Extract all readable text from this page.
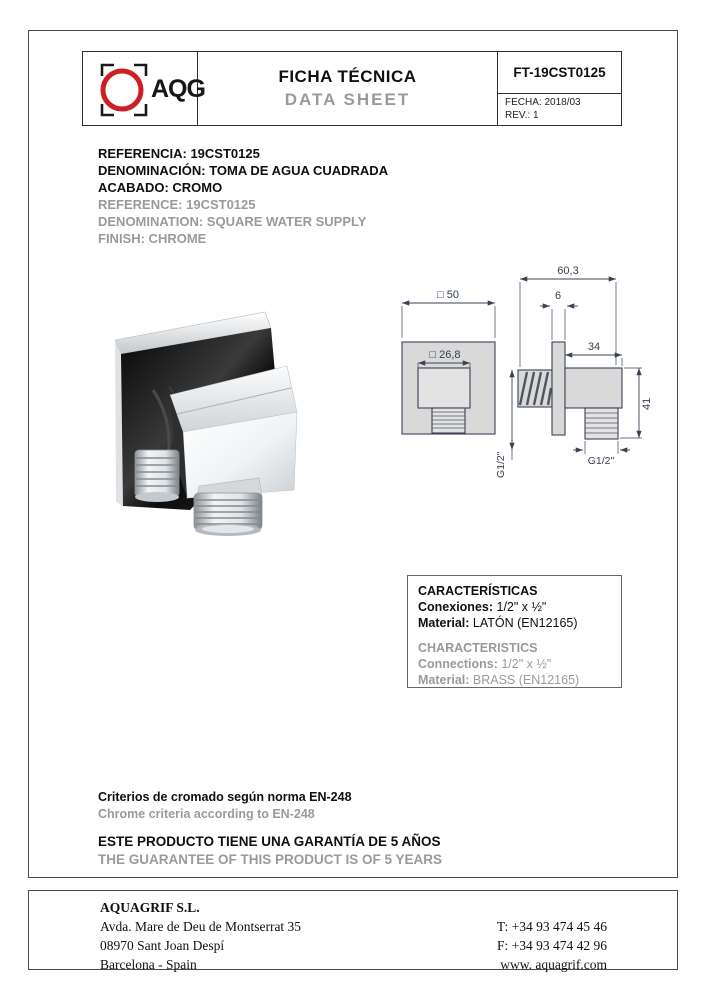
AQG	FICHA TÉCNICA
DATA SHEET
FT-19CST0125
FECHA: 2018/03
REV.: 1
REFERENCIA: 19CST0125
DENOMINACIÓN: TOMA DE AGUA CUADRADA
ACABADO: CROMO
REFERENCE: 19CST0125
DENOMINATION: SQUARE WATER SUPPLY
FINISH: CHROME
□ 50
□ 26,8
G1/2"
60,3
6
34
41
G1/2"
CARACTERÍSTICAS
Conexiones: 1/2" x ½"
Material: LATÓN (EN12165)
CHARACTERISTICS
Connections: 1/2" x ½"
Material: BRASS (EN12165)
Criterios de cromado según norma EN-248
Chrome criteria according to EN-248
ESTE PRODUCTO TIENE UNA GARANTÍA DE 5 AÑOS
THE GUARANTEE OF THIS PRODUCT IS OF 5 YEARS
AQUAGRIF S.L.
Avda. Mare de Deu de Montserrat 35
08970 Sant Joan Despí
Barcelona - Spain
T: +34 93 474 45 46
F: +34 93 474 42 96
www. aquagrif.com
